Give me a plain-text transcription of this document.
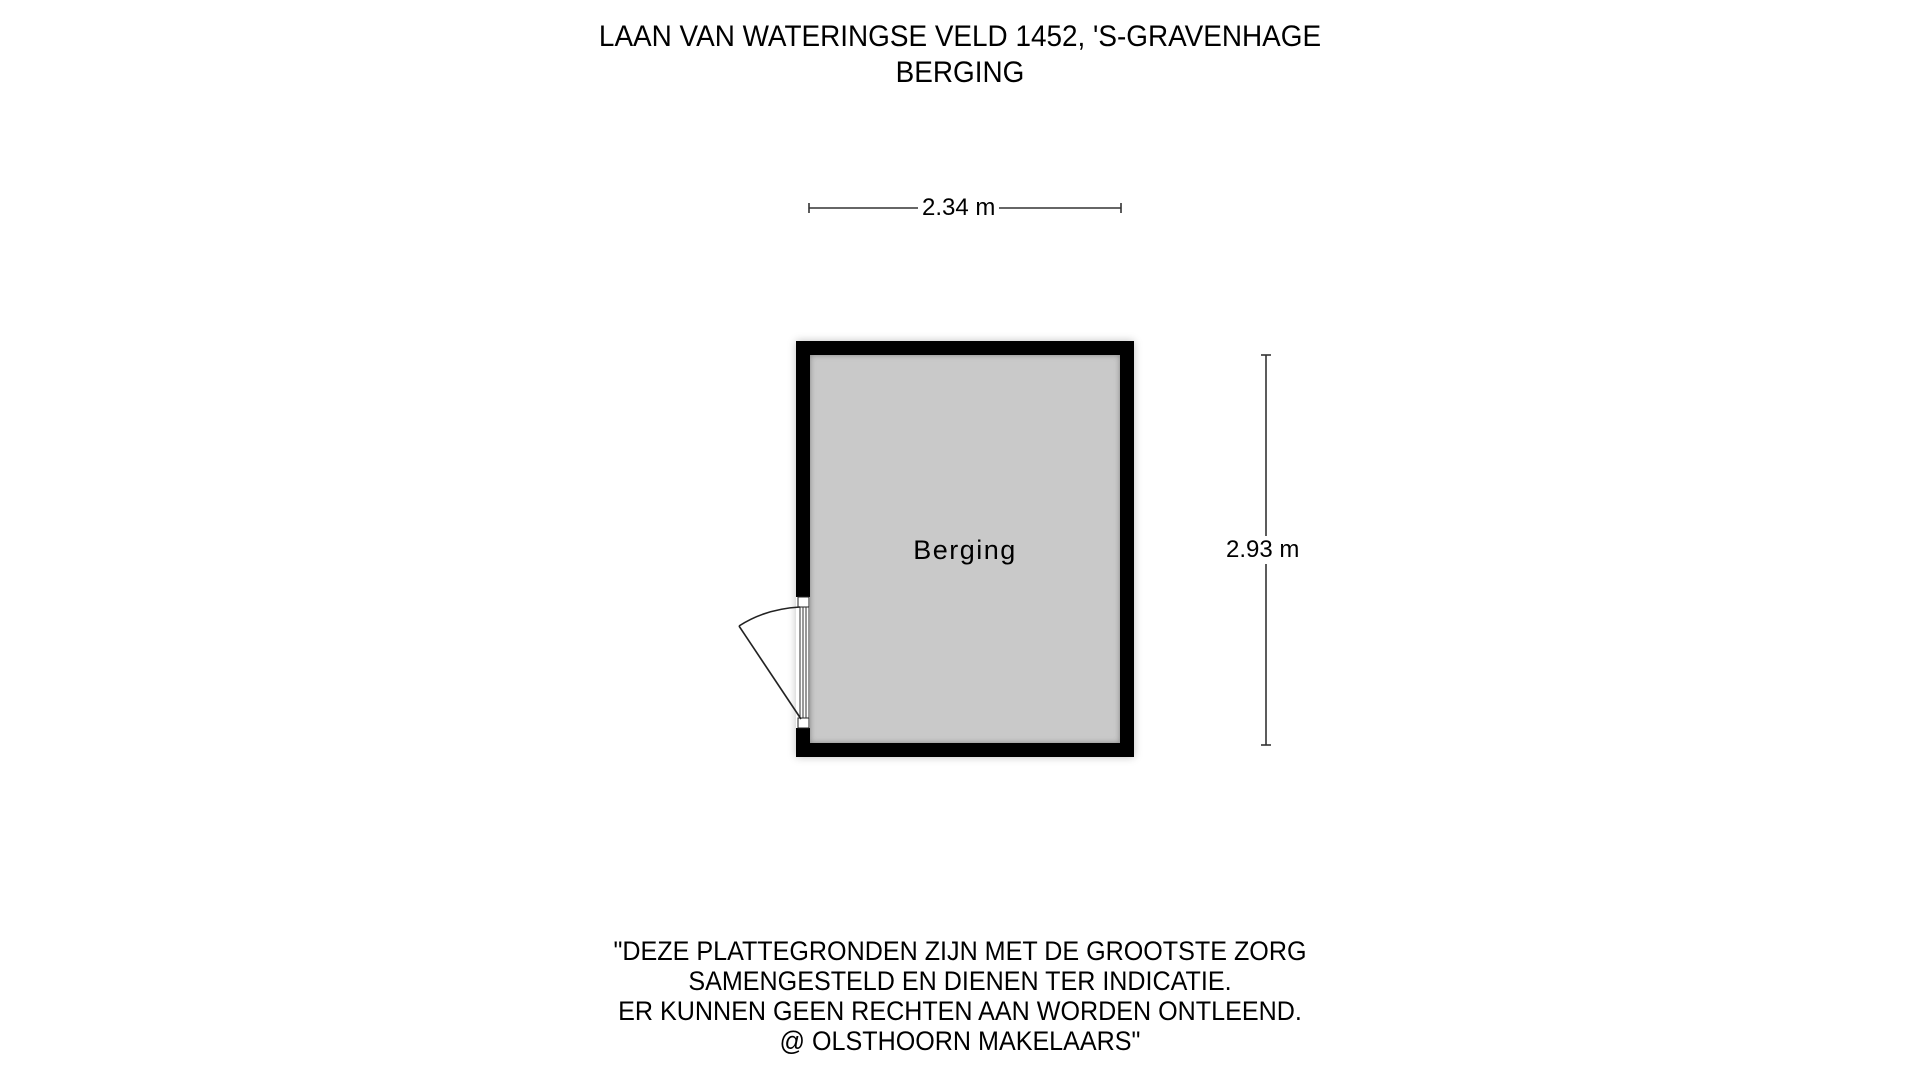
LAAN VAN WATERINGSE VELD 1452, 'S-GRAVENHAGE
BERGING
Berging
2.34 m
2.93 m
"DEZE PLATTEGRONDEN ZIJN MET DE GROOTSTE ZORG
SAMENGESTELD EN DIENEN TER INDICATIE.
ER KUNNEN GEEN RECHTEN AAN WORDEN ONTLEEND.
@ OLSTHOORN MAKELAARS"
